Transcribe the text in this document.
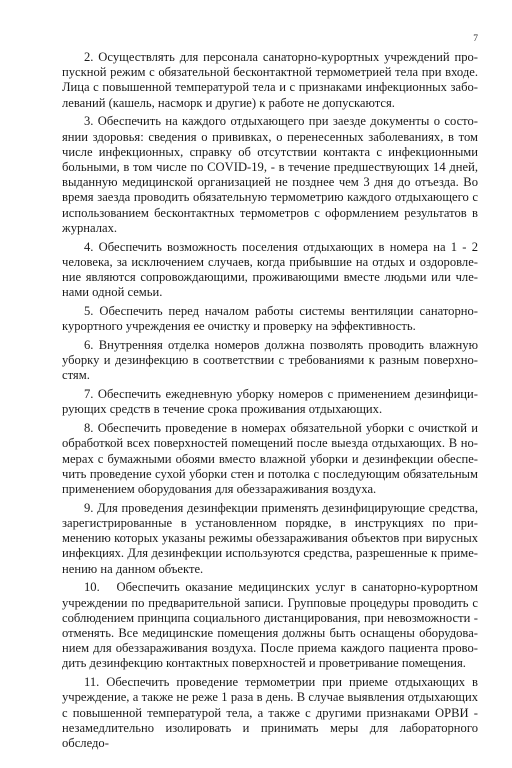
7

2. Осуществлять для персонала санаторно-курортных учреждений пропускной режим с обязательной бесконтактной термометрией тела при входе. Лица с повышенной температурой тела и с признаками инфекционных заболеваний (кашель, насморк и другие) к работе не допускаются.

3. Обеспечить на каждого отдыхающего при заезде документы о состоянии здоровья: сведения о прививках, о перенесенных заболеваниях, в том числе инфекционных, справку об отсутствии контакта с инфекционными больными, в том числе по COVID-19, - в течение предшествующих 14 дней, выданную медицинской организацией не позднее чем 3 дня до отъезда. Во время заезда проводить обязательную термометрию каждого отдыхающего с использованием бесконтактных термометров с оформлением результатов в журналах.

4. Обеспечить возможность поселения отдыхающих в номера на 1 - 2 человека, за исключением случаев, когда прибывшие на отдых и оздоровление являются сопровождающими, проживающими вместе людьми или членами одной семьи.

5. Обеспечить перед началом работы системы вентиляции санаторно-курортного учреждения ее очистку и проверку на эффективность.

6. Внутренняя отделка номеров должна позволять проводить влажную уборку и дезинфекцию в соответствии с требованиями к разным поверхностям.

7. Обеспечить ежедневную уборку номеров с применением дезинфицирующих средств в течение срока проживания отдыхающих.

8. Обеспечить проведение в номерах обязательной уборки с очисткой и обработкой всех поверхностей помещений после выезда отдыхающих. В номерах с бумажными обоями вместо влажной уборки и дезинфекции обеспечить проведение сухой уборки стен и потолка с последующим обязательным применением оборудования для обеззараживания воздуха.

9. Для проведения дезинфекции применять дезинфицирующие средства, зарегистрированные в установленном порядке, в инструкциях по применению которых указаны режимы обеззараживания объектов при вирусных инфекциях. Для дезинфекции используются средства, разрешенные к применению на данном объекте.

10.   Обеспечить оказание медицинских услуг в санаторно-курортном учреждении по предварительной записи. Групповые процедуры проводить с соблюдением принципа социального дистанцирования, при невозможности - отменять. Все медицинские помещения должны быть оснащены оборудованием для обеззараживания воздуха. После приема каждого пациента проводить дезинфекцию контактных поверхностей и проветривание помещения.

11. Обеспечить проведение термометрии при приеме отдыхающих в учреждение, а также не реже 1 раза в день. В случае выявления отдыхающих с повышенной температурой тела, а также с другими признаками ОРВИ - незамедлительно изолировать и принимать меры для лабораторного обследо-
